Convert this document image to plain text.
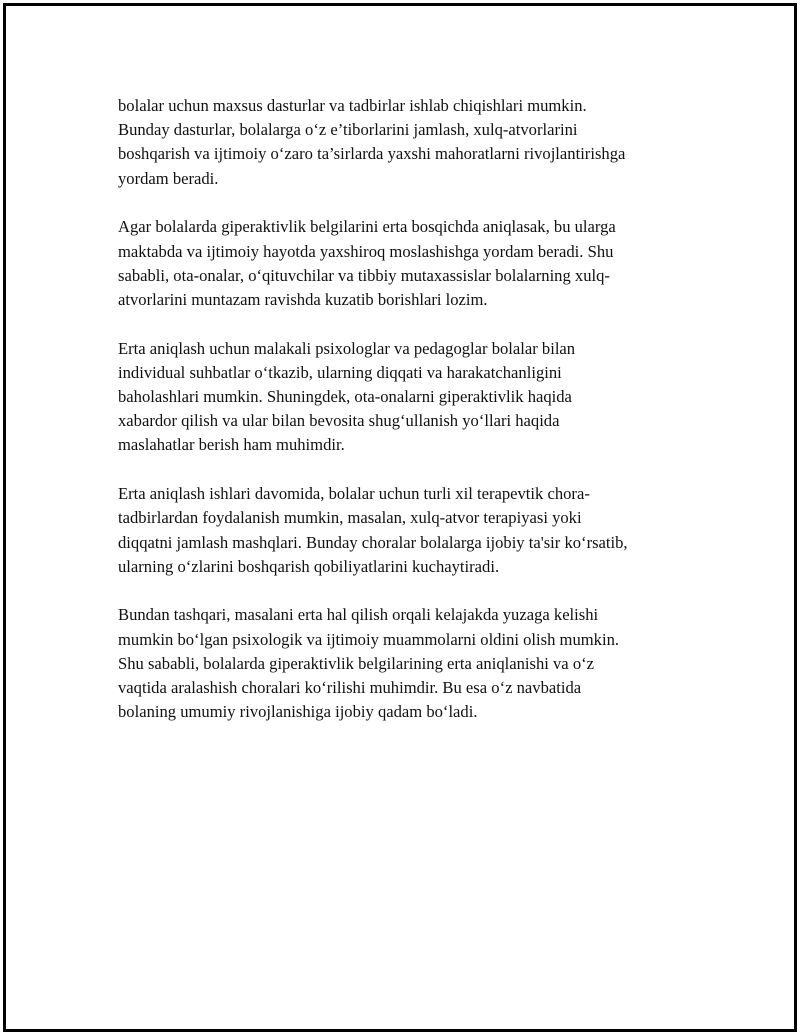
bolalar uchun maxsus dasturlar va tadbirlar ishlab chiqishlari mumkin.
Bunday dasturlar, bolalarga o‘z e’tiborlarini jamlash, xulq-atvorlarini
boshqarish va ijtimoiy o‘zaro ta’sirlarda yaxshi mahoratlarni rivojlantirishga
yordam beradi.

Agar bolalarda giperaktivlik belgilarini erta bosqichda aniqlasak, bu ularga
maktabda va ijtimoiy hayotda yaxshiroq moslashishga yordam beradi. Shu
sababli, ota-onalar, o‘qituvchilar va tibbiy mutaxassislar bolalarning xulq-
atvorlarini muntazam ravishda kuzatib borishlari lozim.

Erta aniqlash uchun malakali psixologlar va pedagoglar bolalar bilan
individual suhbatlar o‘tkazib, ularning diqqati va harakatchanligini
baholashlari mumkin. Shuningdek, ota-onalarni giperaktivlik haqida
xabardor qilish va ular bilan bevosita shug‘ullanish yo‘llari haqida
maslahatlar berish ham muhimdir.

Erta aniqlash ishlari davomida, bolalar uchun turli xil terapevtik chora-
tadbirlardan foydalanish mumkin, masalan, xulq-atvor terapiyasi yoki
diqqatni jamlash mashqlari. Bunday choralar bolalarga ijobiy ta'sir ko‘rsatib,
ularning o‘zlarini boshqarish qobiliyatlarini kuchaytiradi.

Bundan tashqari, masalani erta hal qilish orqali kelajakda yuzaga kelishi
mumkin bo‘lgan psixologik va ijtimoiy muammolarni oldini olish mumkin.
Shu sababli, bolalarda giperaktivlik belgilarining erta aniqlanishi va o‘z
vaqtida aralashish choralari ko‘rilishi muhimdir. Bu esa o‘z navbatida
bolaning umumiy rivojlanishiga ijobiy qadam bo‘ladi.
